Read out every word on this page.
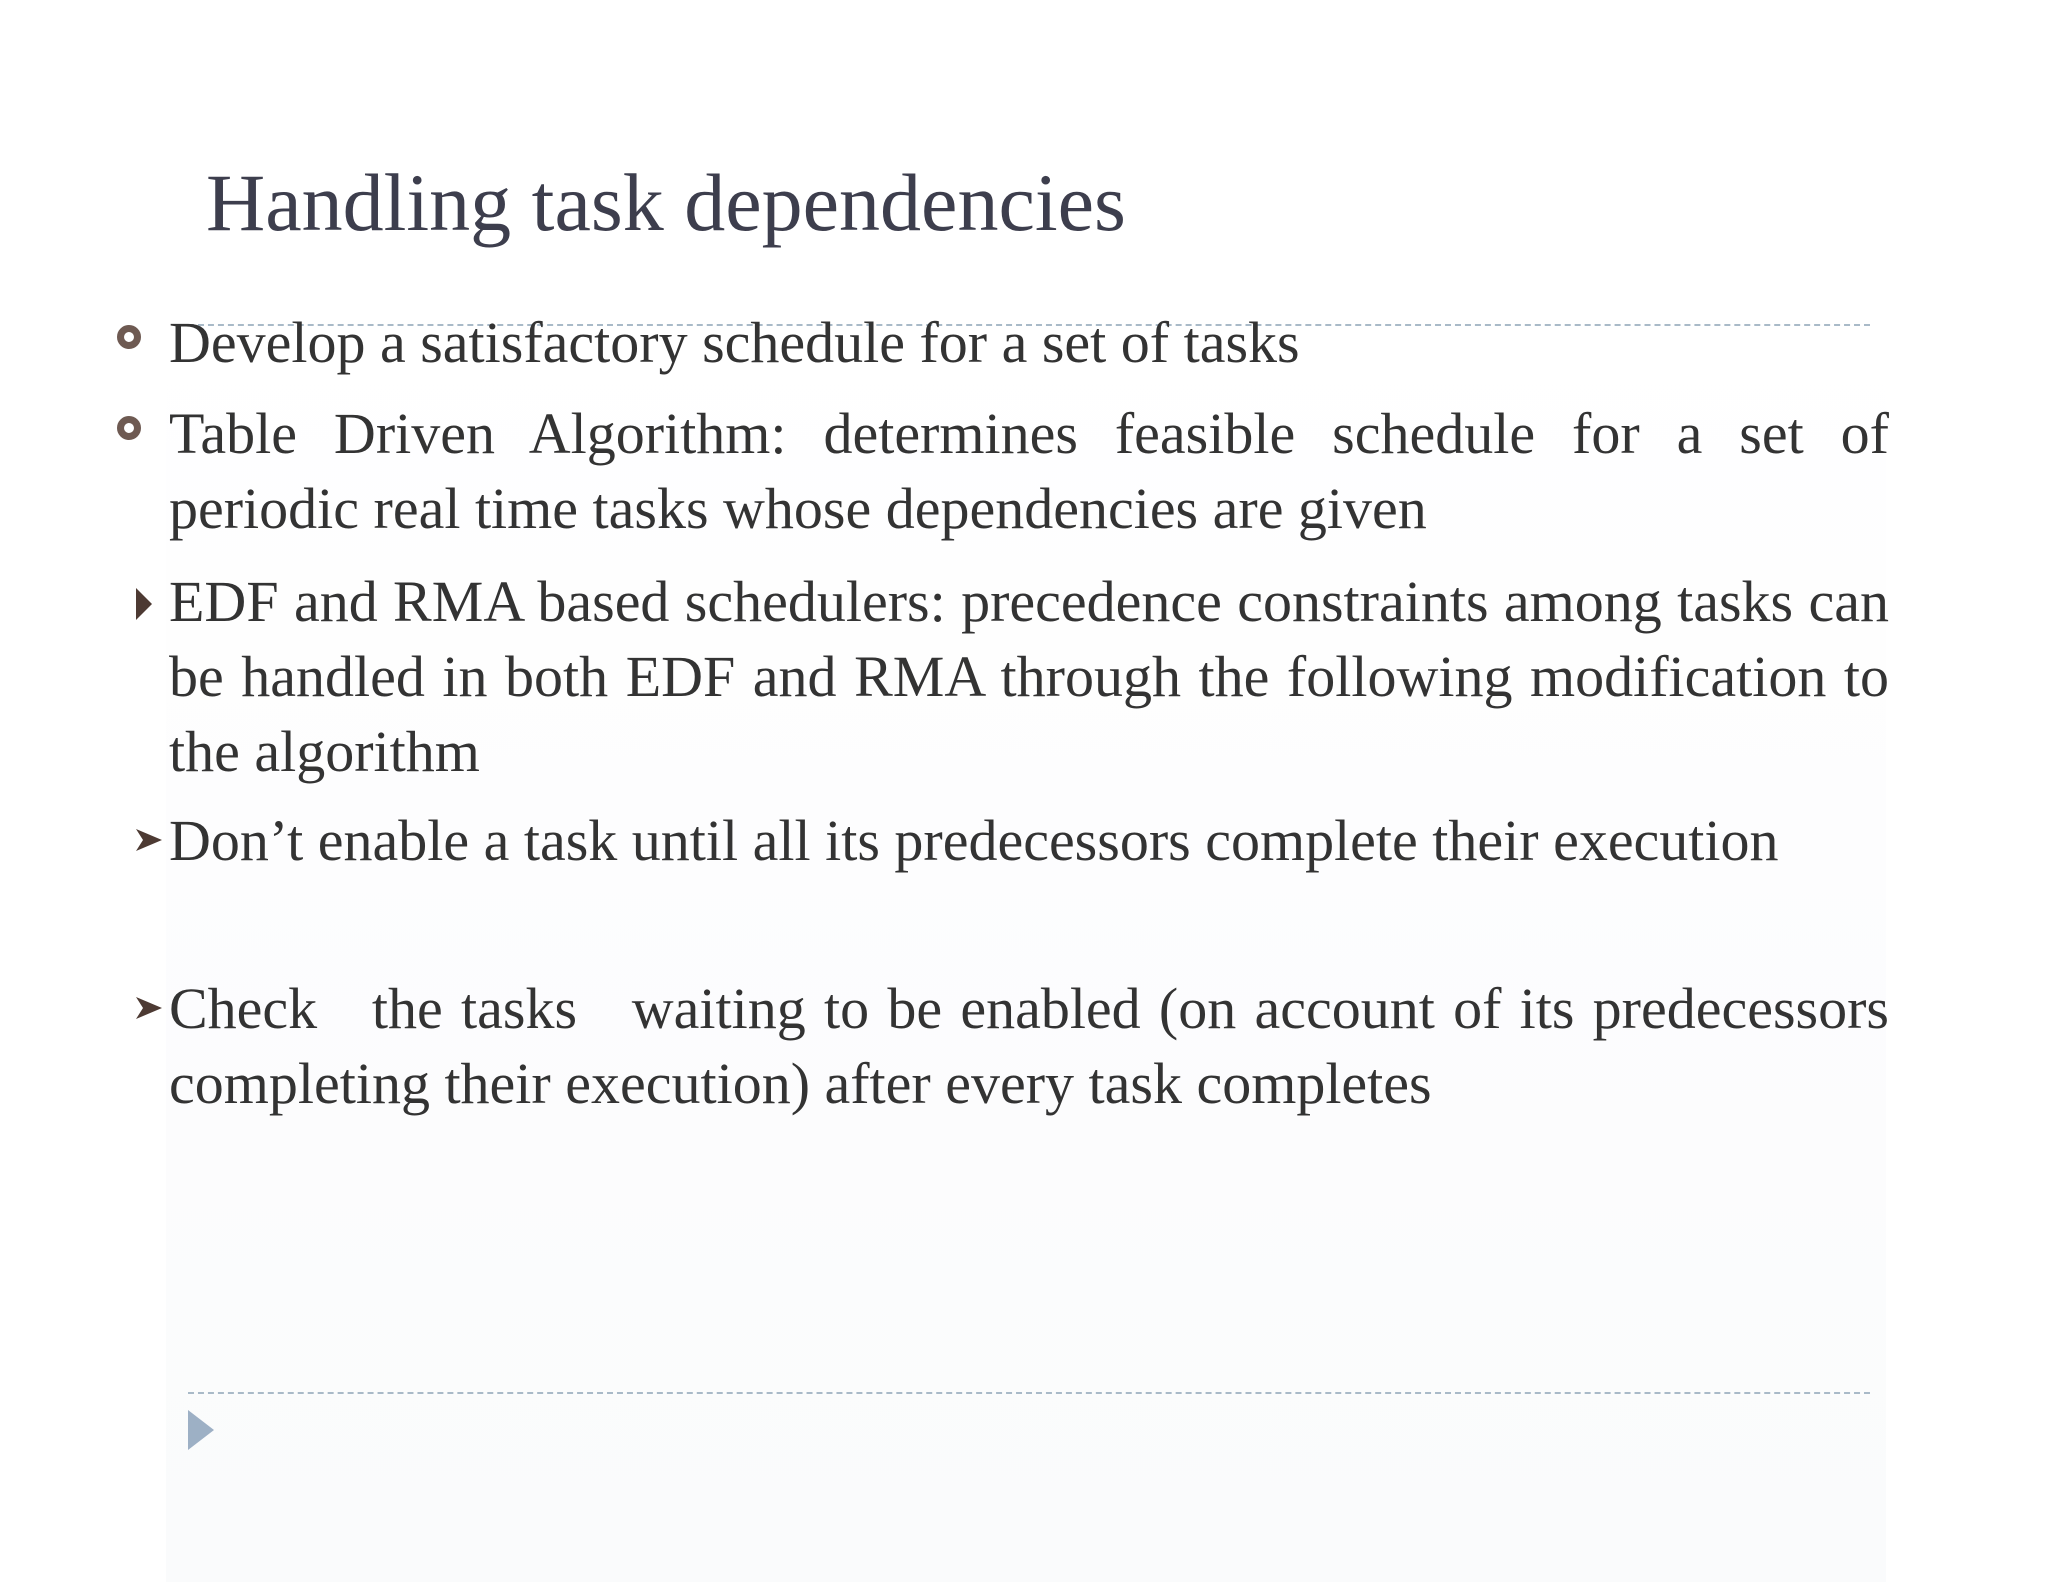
Handling task dependencies
Develop a satisfactory schedule for a set of tasks
Table Driven Algorithm: determines feasible schedule for a set of periodic real time tasks whose dependencies are given
EDF and RMA based schedulers: precedence constraints among tasks can be handled in both EDF and RMA through the following modification to the algorithm
Don’t enable a task until all its predecessors complete their execution
Check   the tasks   waiting to be enabled (on account of its predecessors completing their execution) after every task completes
